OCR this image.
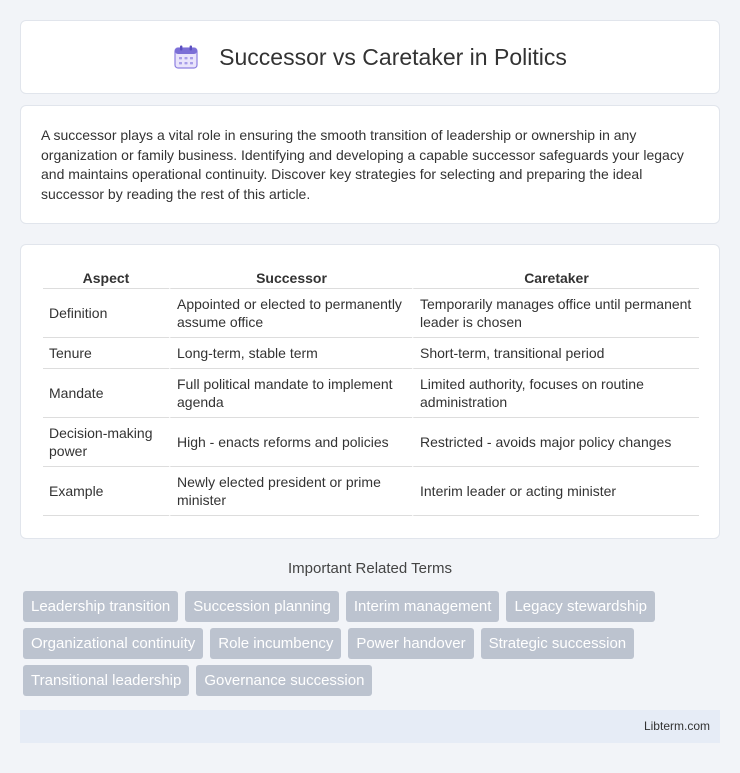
Successor vs Caretaker in Politics

A successor plays a vital role in ensuring the smooth transition of leadership or ownership in any organization or family business. Identifying and developing a capable successor safeguards your legacy and maintains operational continuity. Discover key strategies for selecting and preparing the ideal successor by reading the rest of this article.

Aspect	Successor	Caretaker
Definition	Appointed or elected to permanently assume office	Temporarily manages office until permanent leader is chosen
Tenure	Long-term, stable term	Short-term, transitional period
Mandate	Full political mandate to implement agenda	Limited authority, focuses on routine administration
Decision-making power	High - enacts reforms and policies	Restricted - avoids major policy changes
Example	Newly elected president or prime minister	Interim leader or acting minister
Important Related Terms
Leadership transition	Succession planning	Interim management	Legacy stewardship
Organizational continuity	Role incumbency	Power handover	Strategic succession
Transitional leadership	Governance succession
Libterm.com
